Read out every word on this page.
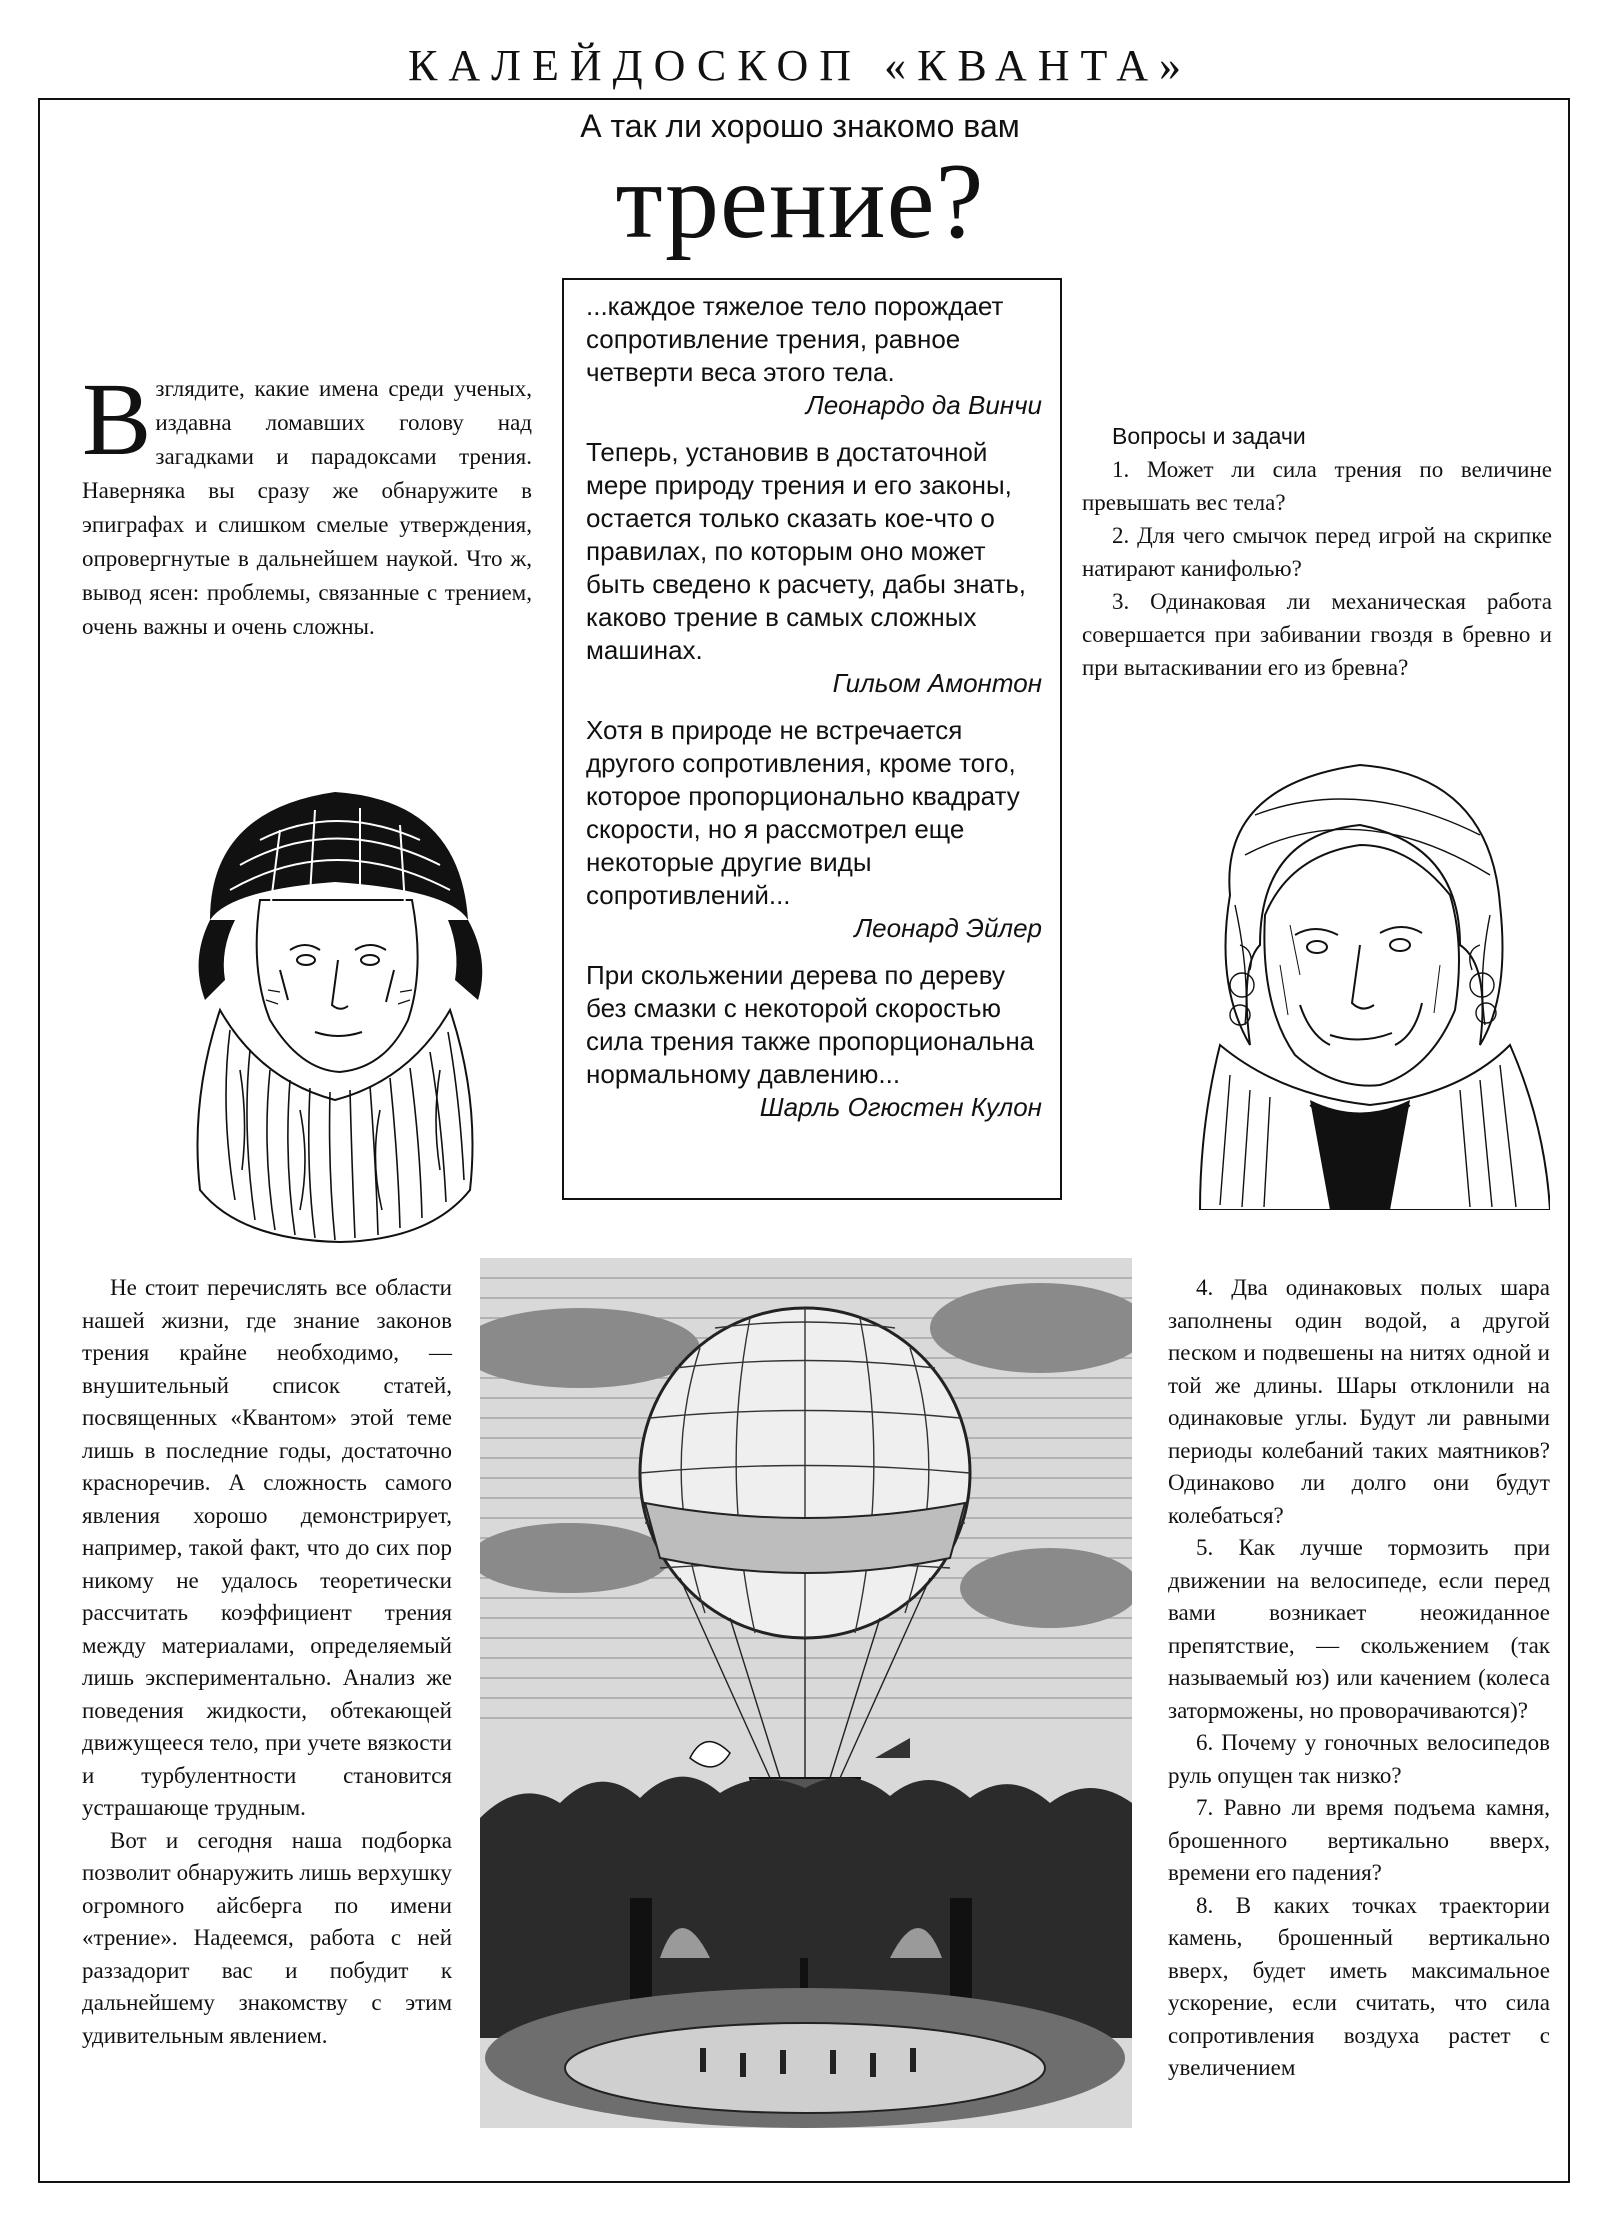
КАЛЕЙДОСКОП «КВАНТА»
А так ли хорошо знакомо вам
трение?
Взглядите, какие имена среди ученых, издавна ломавших голову над загадками и парадоксами трения. Наверняка вы сразу же обнаружите в эпиграфах и слишком смелые утверждения, опровергнутые в дальнейшем наукой. Что ж, вывод ясен: проблемы, связанные с трением, очень важны и очень сложны.
...каждое тяжелое тело порождает сопротивление трения, равное четверти веса этого тела.
Леонардо да Винчи
Теперь, установив в достаточной мере природу трения и его законы, остается только сказать кое-что о правилах, по которым оно может быть сведено к расчету, дабы знать, каково трение в самых сложных машинах.
Гильом Амонтон
Хотя в природе не встречается другого сопротивления, кроме того, которое пропорционально квадрату скорости, но я рассмотрел еще некоторые другие виды сопротивлений...
Леонард Эйлер
При скольжении дерева по дереву без смазки с некоторой скоростью сила трения также пропорциональна нормальному давлению...
Шарль Огюстен Кулон
Вопросы и задачи
1. Может ли сила трения по величине превышать вес тела?
2. Для чего смычок перед игрой на скрипке натирают канифолью?
3. Одинаковая ли механическая работа совершается при забивании гвоздя в бревно и при вытаскивании его из бревна?

Не стоит перечислять все области нашей жизни, где знание законов трения крайне необходимо, — внушительный список статей, посвященных «Квантом» этой теме лишь в последние годы, достаточно красноречив. А сложность самого явления хорошо демонстрирует, например, такой факт, что до сих пор никому не удалось теоретически рассчитать коэффициент трения между материалами, определяемый лишь экспериментально. Анализ же поведения жидкости, обтекающей движущееся тело, при учете вязкости и турбулентности становится устрашающе трудным.

Вот и сегодня наша подборка позволит обнаружить лишь верхушку огромного айсберга по имени «трение». Надеемся, работа с ней раззадорит вас и побудит к дальнейшему знакомству с этим удивительным явлением.

4. Два одинаковых полых шара заполнены один водой, а другой песком и подвешены на нитях одной и той же длины. Шары отклонили на одинаковые углы. Будут ли равными периоды колебаний таких маятников? Одинаково ли долго они будут колебаться?

5. Как лучше тормозить при движении на велосипеде, если перед вами возникает неожиданное препятствие, — скольжением (так называемый юз) или качением (колеса заторможены, но проворачиваются)?

6. Почему у гоночных велосипедов руль опущен так низко?

7. Равно ли время подъема камня, брошенного вертикально вверх, времени его падения?

8. В каких точках траектории камень, брошенный вертикально вверх, будет иметь максимальное ускорение, если считать, что сила сопротивления воздуха растет с увеличением
